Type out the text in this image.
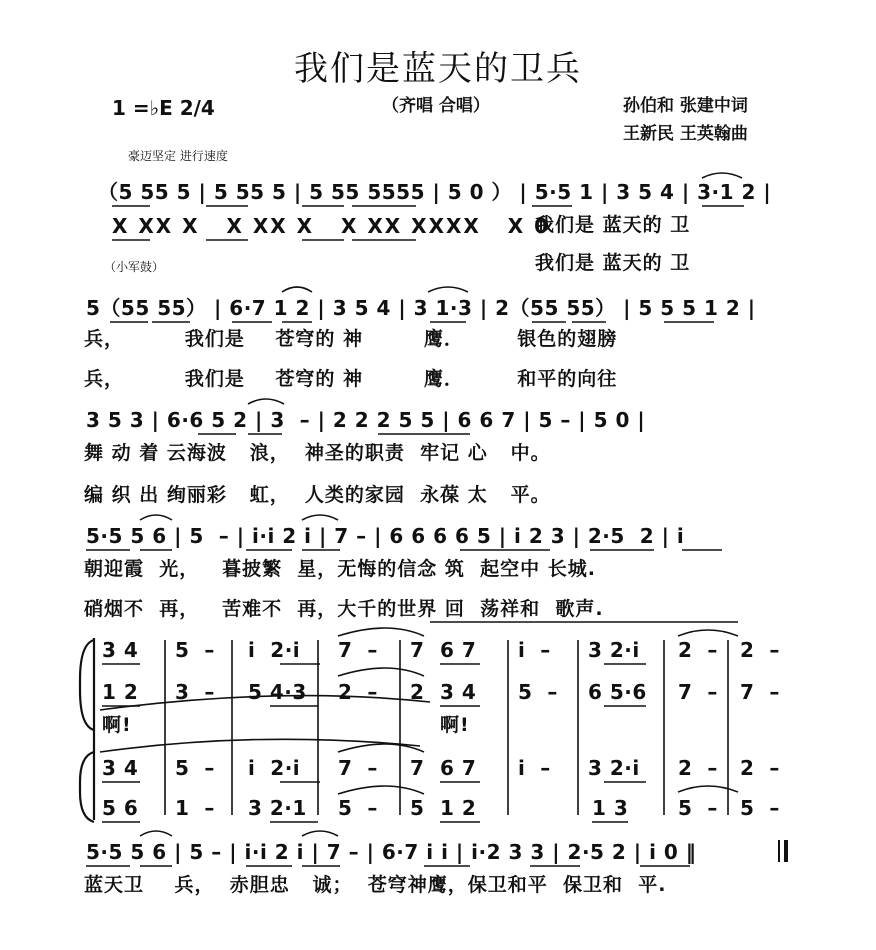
我们是蓝天的卫兵
1 =♭E 2/4	（齐唱 合唱）	孙伯和 张建中词
王新民 王英翰曲
豪迈坚定 进行速度
（5 55 5 | 5 55 5 | 5 55 5555 | 5 0 ） | 5·5 1 | 3 5 4 | 3·1 2 |
X XX X   X XX X   X XX XXXX   X 0
我们是 蓝天的 卫
（小军鼓）	我们是 蓝天的 卫
5（55 55） | 6·7 1 2 | 3 5 4 | 3 1·3 | 2（55 55） | 5 5 5 1 2 |
兵，        我们是    苍穹的 神        鹰．       银色的翅膀
兵，        我们是    苍穹的 神        鹰．       和平的向往
3 5 3 | 6·6 5 2 | 3  – | 2 2 2 5 5 | 6 6 7 | 5 – | 5 0 |
舞 动 着 云海波   浪，  神圣的职责  牢记 心   中。
编 织 出 绚丽彩   虹，  人类的家园  永葆 太   平。
5·5 5 6 | 5  – | i·i 2 i | 7 – | 6 6 6 6 5 | i 2 3 | 2·5  2 | i
朝迎霞  光，   暮披繁  星，无悔的信念 筑  起空中 长城.
硝烟不  再，   苦难不  再，大千的世界 回  荡祥和  歌声.
3 4 5  – i  2·i 7  – 7 6 7 i  – 3 2·i 2  – 2  –
1 2 3  – 5 4·3 2  – 2 3 4 5  – 6 5·6 7  – 7  –
啊!	啊!
3 4 5  – i  2·i 7  – 7 6 7 i  – 3 2·i 2  – 2  –
5 6 1  – 3 2·1 5  – 5 1 2	1 3 5  – 5  –
5·5 5 6 | 5 – | i·i 2 i | 7 – | 6·7 i i | i·2 3 3 | 2·5 2 | i 0 ‖
蓝天卫    兵，  赤胆忠   诚；  苍穹神鹰，保卫和平  保卫和  平.
